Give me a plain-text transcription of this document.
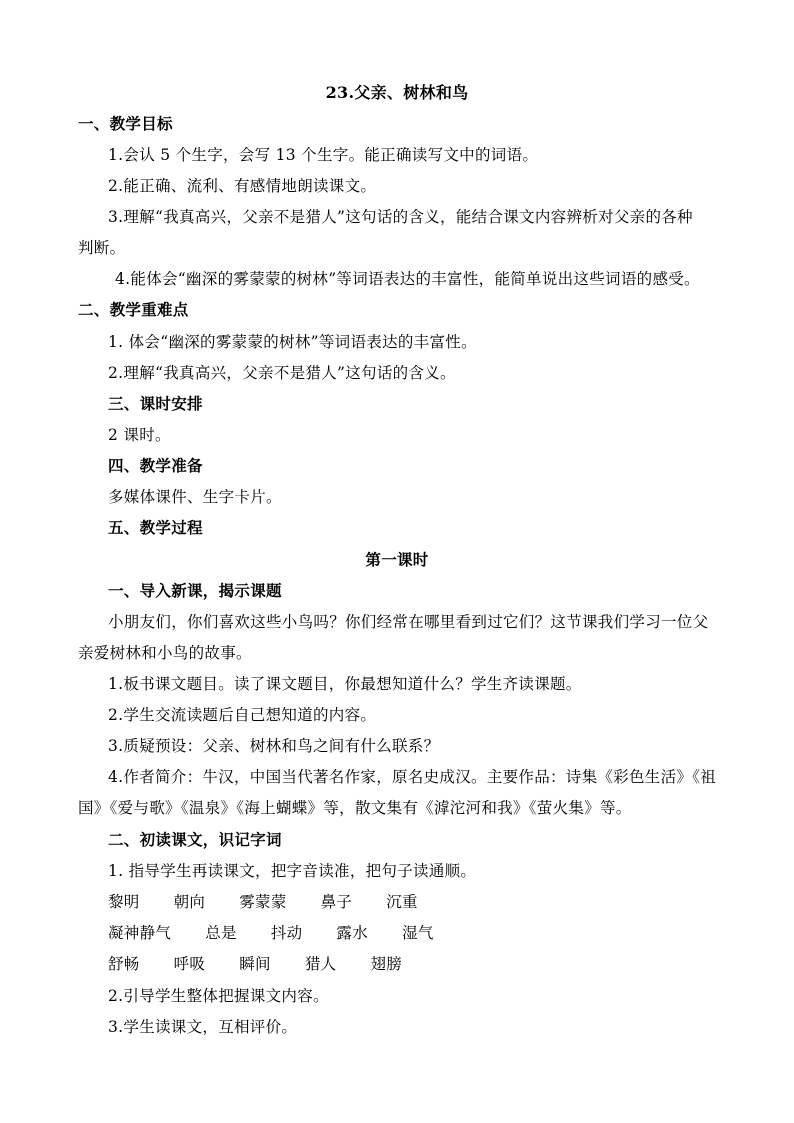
23.父亲、树林和鸟
一、教学目标
1.会认 5 个生字，会写 13 个生字。能正确读写文中的词语。
2.能正确、流利、有感情地朗读课文。
3.理解“我真高兴，父亲不是猎人”这句话的含义，能结合课文内容辨析对父亲的各种
判断。
4.能体会“幽深的雾蒙蒙的树林”等词语表达的丰富性，能简单说出这些词语的感受。
二、教学重难点
1. 体会“幽深的雾蒙蒙的树林”等词语表达的丰富性。
2.理解“我真高兴，父亲不是猎人”这句话的含义。
三、课时安排
2 课时。
四、教学准备
多媒体课件、生字卡片。
五、教学过程
第一课时
一、导入新课，揭示课题
小朋友们，你们喜欢这些小鸟吗？你们经常在哪里看到过它们？这节课我们学习一位父
亲爱树林和小鸟的故事。
1.板书课文题目。读了课文题目，你最想知道什么？学生齐读课题。
2.学生交流读题后自己想知道的内容。
3.质疑预设：父亲、树林和鸟之间有什么联系？
4.作者简介：牛汉，中国当代著名作家，原名史成汉。主要作品：诗集《彩色生活》《祖
国》《爱与歌》《温泉》《海上蝴蝶》等，散文集有《滹沱河和我》《萤火集》等。
二、初读课文，识记字词
1. 指导学生再读课文，把字音读准，把句子读通顺。
黎明 朝向 雾蒙蒙 鼻子 沉重
凝神静气 总是 抖动 露水 湿气
舒畅 呼吸 瞬间 猎人 翅膀
2.引导学生整体把握课文内容。
3.学生读课文，互相评价。
